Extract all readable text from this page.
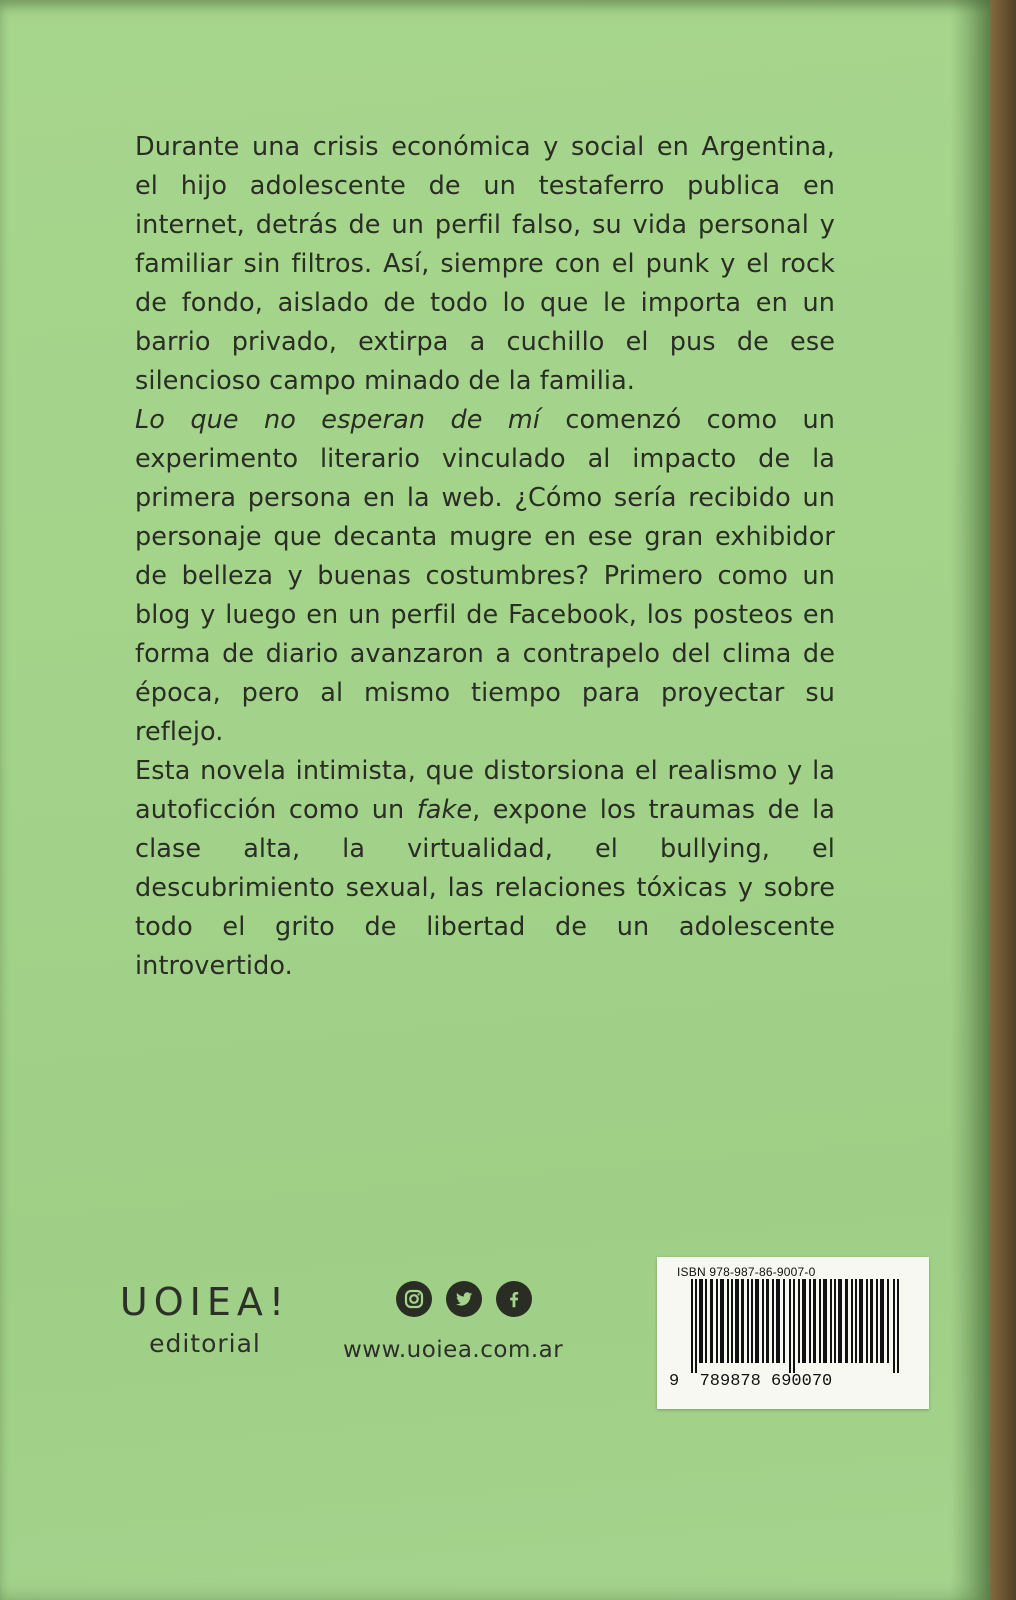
Durante una crisis económica y social en Argentina, el hijo adolescente de un testaferro publica en internet, detrás de un perfil falso, su vida personal y familiar sin filtros. Así, siempre con el punk y el rock de fondo, aislado de todo lo que le importa en un barrio privado, extirpa a cuchillo el pus de ese silencioso campo minado de la familia.

Lo que no esperan de mí comenzó como un experimento literario vinculado al impacto de la primera persona en la web. ¿Cómo sería recibido un personaje que decanta mugre en ese gran exhibidor de belleza y buenas costumbres? Primero como un blog y luego en un perfil de Facebook, los posteos en forma de diario avanzaron a contrapelo del clima de época, pero al mismo tiempo para proyectar su reflejo.

Esta novela intimista, que distorsiona el realismo y la autoficción como un fake, expone los traumas de la clase alta, la virtualidad, el bullying, el descubrimiento sexual, las relaciones tóxicas y sobre todo el grito de libertad de un adolescente introvertido.

UOIEA!
editorial	www.uoiea.com.ar
ISBN 978-987-86-9007-0
9 789878 690070
